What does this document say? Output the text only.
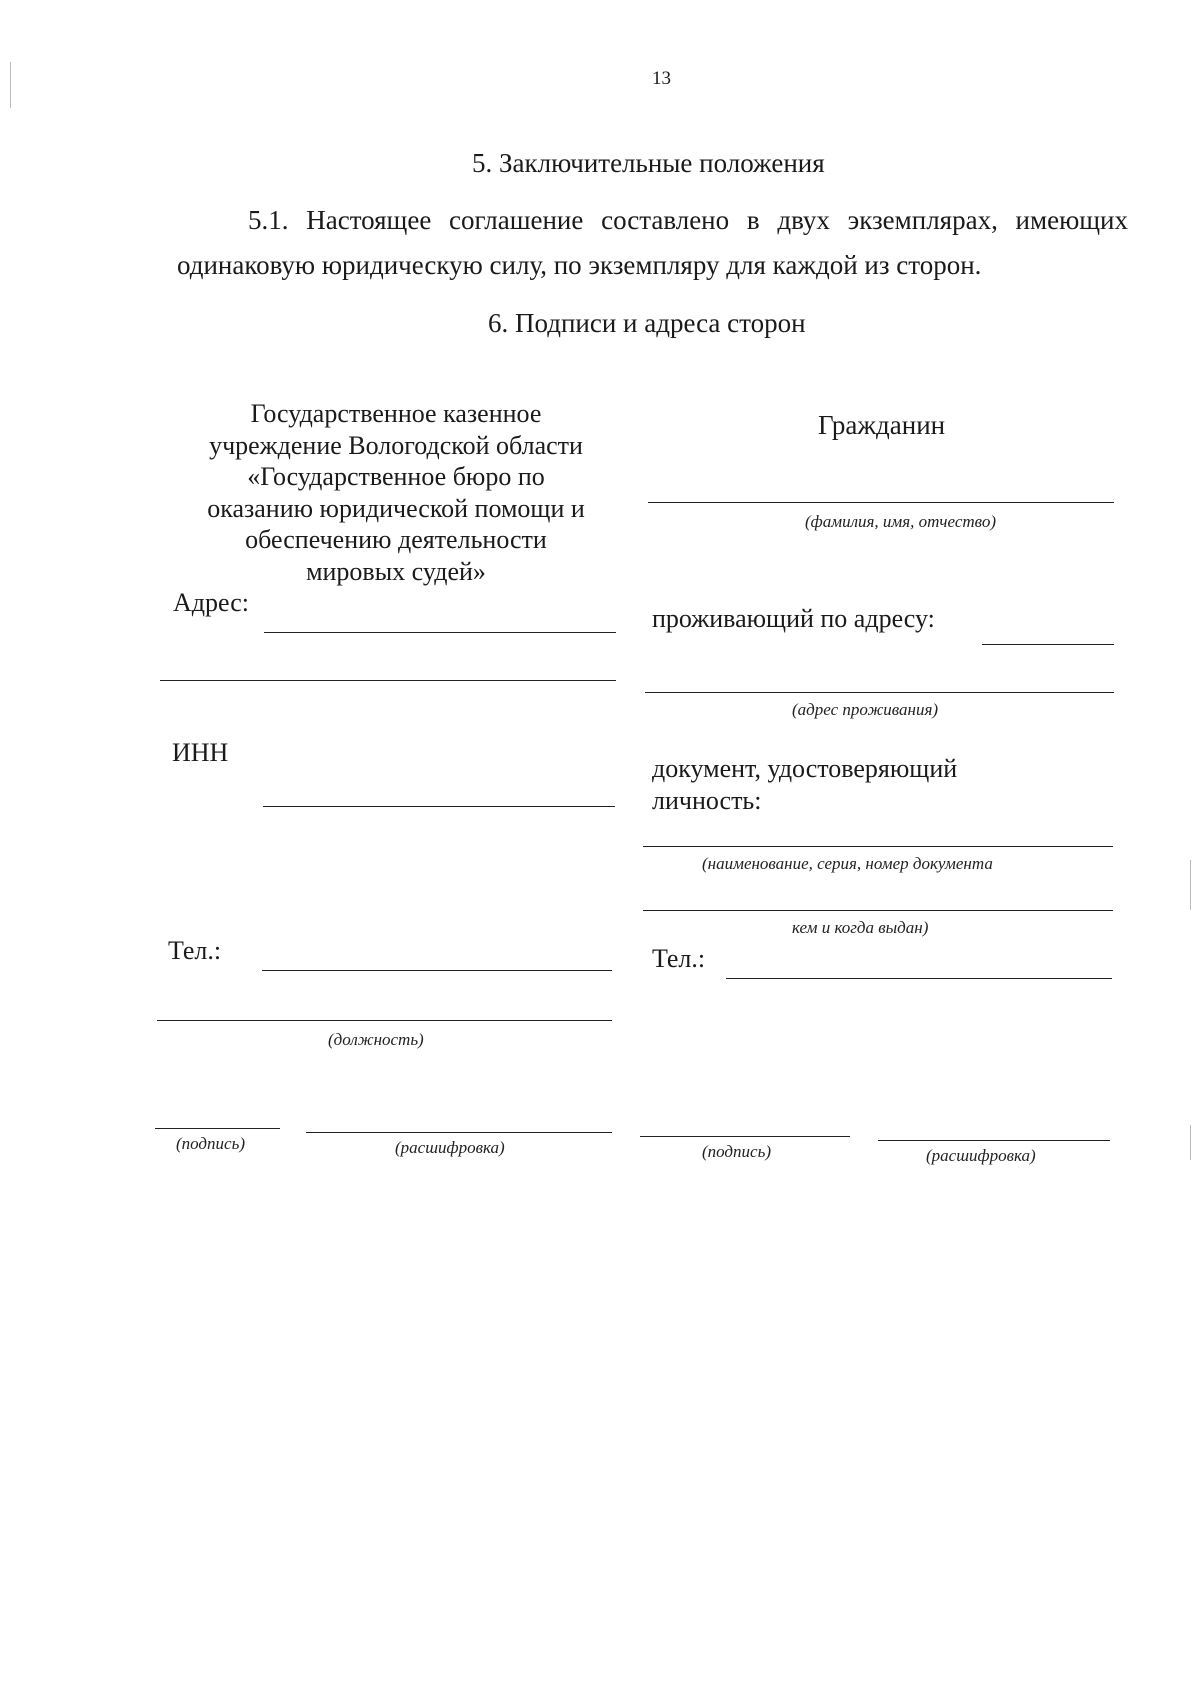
13
5. Заключительные положения
5.1. Настоящее соглашение составлено в двух экземплярах, имеющих
одинаковую юридическую силу, по экземпляру для каждой из сторон.
6. Подписи и адреса сторон
Государственное казенное
учреждение Вологодской области
«Государственное бюро по
оказанию юридической помощи и
обеспечению деятельности
мировых судей»
Адрес:
ИНН
Тел.:
(должность)
(подпись)	(расшифровка)
Гражданин
(фамилия, имя, отчество)
проживающий по адресу:
(адрес проживания)
документ, удостоверяющий
личность:
(наименование, серия, номер документа
кем и когда выдан)
Тел.:
(подпись)	(расшифровка)
